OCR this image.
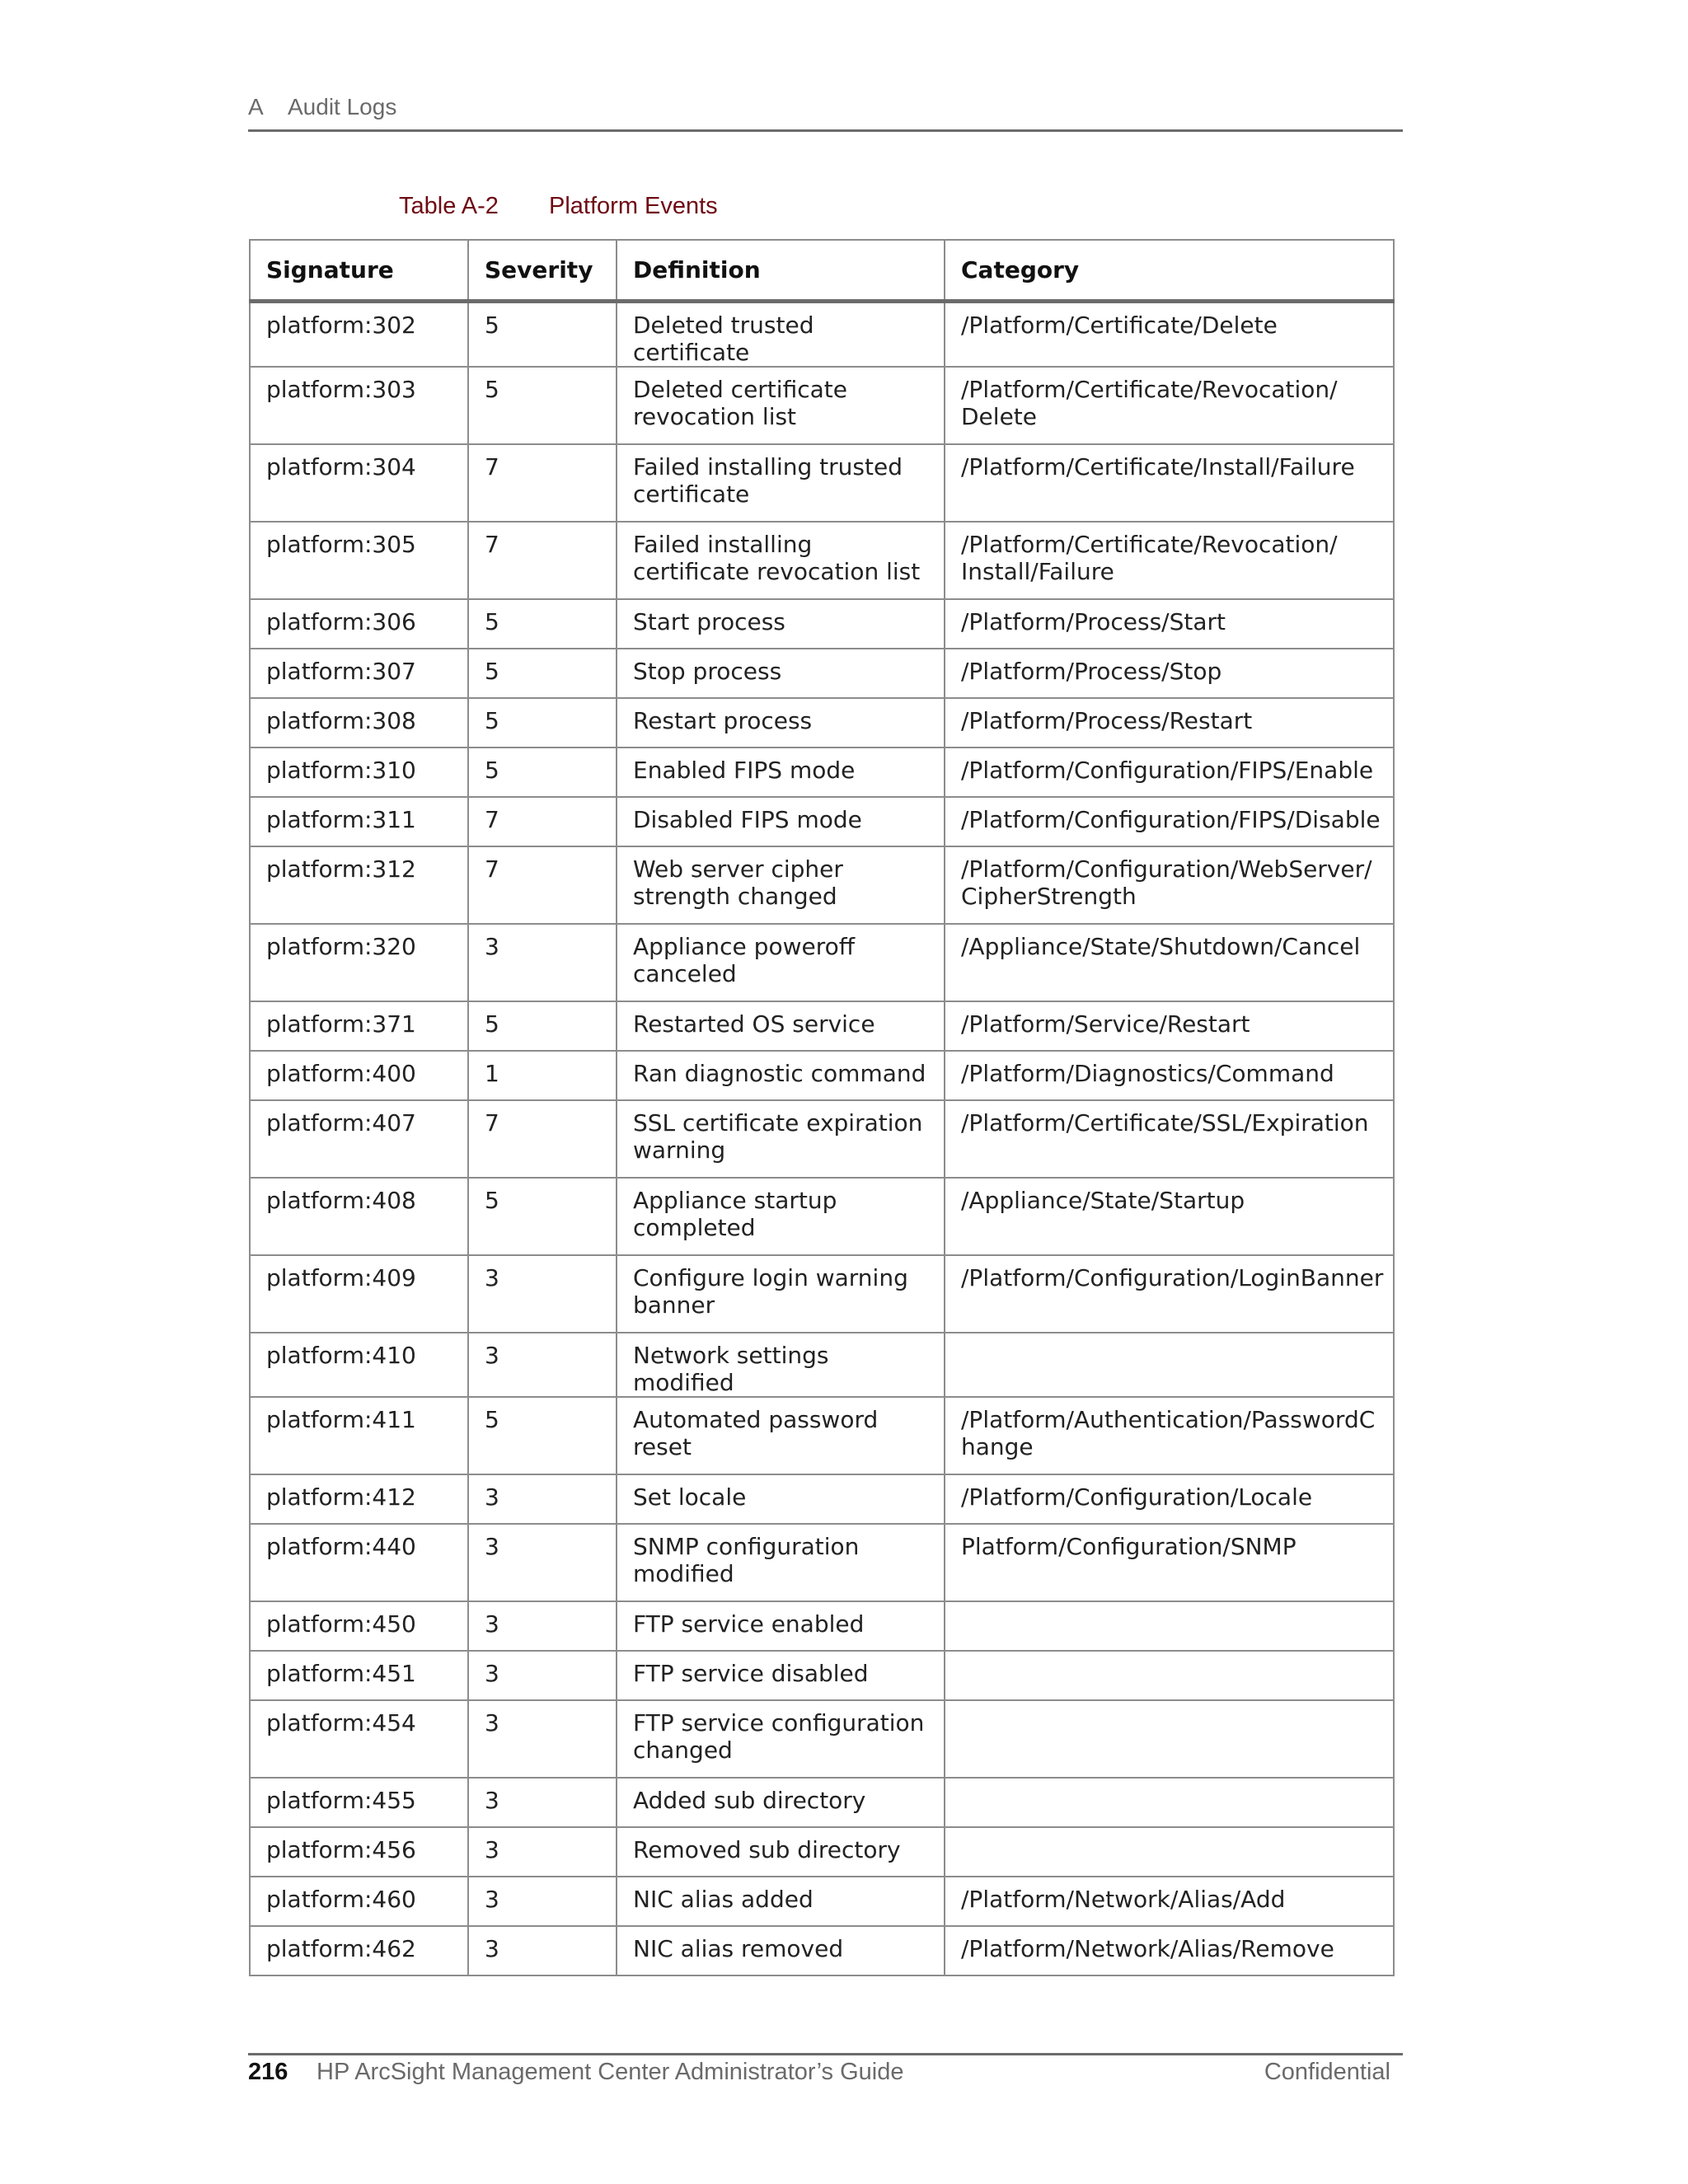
A Audit Logs
Table A-2 Platform Events
Signature	Severity	Definition	Category
platform:302	5	Deleted trusted certificate	/Platform/Certificate/Delete
platform:303	5	Deleted certificate revocation list	/Platform/Certificate/Revocation/ Delete
platform:304	7	Failed installing trusted certificate	/Platform/Certificate/Install/Failure
platform:305	7	Failed installing certificate revocation list	/Platform/Certificate/Revocation/ Install/Failure
platform:306	5	Start process	/Platform/Process/Start
platform:307	5	Stop process	/Platform/Process/Stop
platform:308	5	Restart process	/Platform/Process/Restart
platform:310	5	Enabled FIPS mode	/Platform/Configuration/FIPS/Enable
platform:311	7	Disabled FIPS mode	/Platform/Configuration/FIPS/Disable
platform:312	7	Web server cipher strength changed	/Platform/Configuration/WebServer/ CipherStrength
platform:320	3	Appliance poweroff canceled	/Appliance/State/Shutdown/Cancel
platform:371	5	Restarted OS service	/Platform/Service/Restart
platform:400	1	Ran diagnostic command	/Platform/Diagnostics/Command
platform:407	7	SSL certificate expiration warning	/Platform/Certificate/SSL/Expiration
platform:408	5	Appliance startup completed	/Appliance/State/Startup
platform:409	3	Configure login warning banner	/Platform/Configuration/LoginBanner
platform:410	3	Network settings modified	
platform:411	5	Automated password reset	/Platform/Authentication/PasswordC hange
platform:412	3	Set locale	/Platform/Configuration/Locale
platform:440	3	SNMP configuration modified	Platform/Configuration/SNMP
platform:450	3	FTP service enabled	
platform:451	3	FTP service disabled	
platform:454	3	FTP service configuration changed	
platform:455	3	Added sub directory	
platform:456	3	Removed sub directory	
platform:460	3	NIC alias added	/Platform/Network/Alias/Add
platform:462	3	NIC alias removed	/Platform/Network/Alias/Remove
216 HP ArcSight Management Center Administrator’s Guide	Confidential
